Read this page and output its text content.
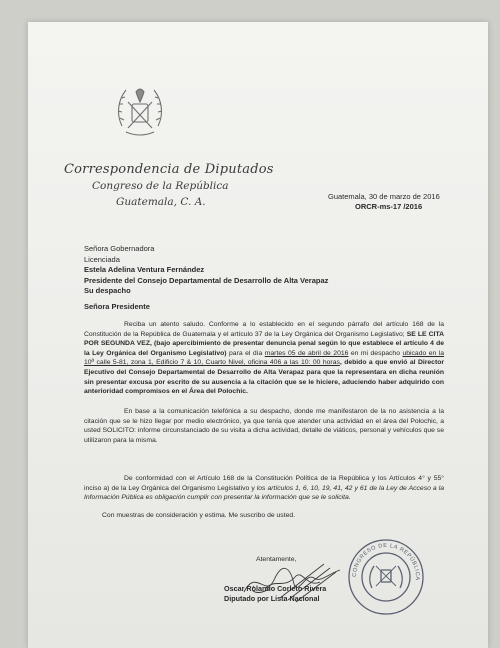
Correspondencia de Diputados
Congreso de la República
Guatemala, C. A.	Guatemala, 30 de marzo de 2016
ORCR-ms-17 /2016
Señora Gobernadora
Licenciada
Estela Adelina Ventura Fernández
Presidente del Consejo Departamental de Desarrollo de Alta Verapaz
Su despacho
Señora Presidente
Reciba un atento saludo. Conforme a lo establecido en el segundo párrafo del artículo 168 de la Constitución de la República de Guatemala y el artículo 37 de la Ley Orgánica del Organismo Legislativo; SE LE CITA POR SEGUNDA VEZ, (bajo apercibimiento de presentar denuncia penal según lo que establece el artículo 4 de la Ley Orgánica del Organismo Legislativo) para el día martes 05 de abril de 2016 en mi despacho ubicado en la 10ª calle 5-81, zona 1, Edificio 7 & 10, Cuarto Nivel, oficina 406 a las 10: 00 horas, debido a que envió al Director Ejecutivo del Consejo Departamental de Desarrollo de Alta Verapaz para que la representara en dicha reunión sin presentar excusa por escrito de su ausencia a la citación que se le hiciere, aduciendo haber adquirido con anterioridad compromisos en el Área del Polochic.
En base a la comunicación telefónica a su despacho, donde me manifestaron de la no asistencia a la citación que se le hizo llegar por medio electrónico, ya que tenía que atender una actividad en el área del Polochic, a usted SOLICITO: informe circunstanciado de su visita a dicha actividad, detalle de viáticos, personal y vehículos que se utilizaron para la misma.
De conformidad con el Artículo 168 de la Constitución Política de la República y los Artículos 4° y 55° inciso a) de la Ley Orgánica del Organismo Legislativo y los artículos 1, 6, 10, 19, 41, 42 y 61 de la Ley de Acceso a la Información Pública es obligación cumplir con presentar la información que se le solicita.
Con muestras de consideración y estima. Me suscribo de usted.
Atentamente,
Oscar Rolando Corleto Rivera
Diputado por Lista Nacional
CONGRESO DE LA REPÚBLICA
